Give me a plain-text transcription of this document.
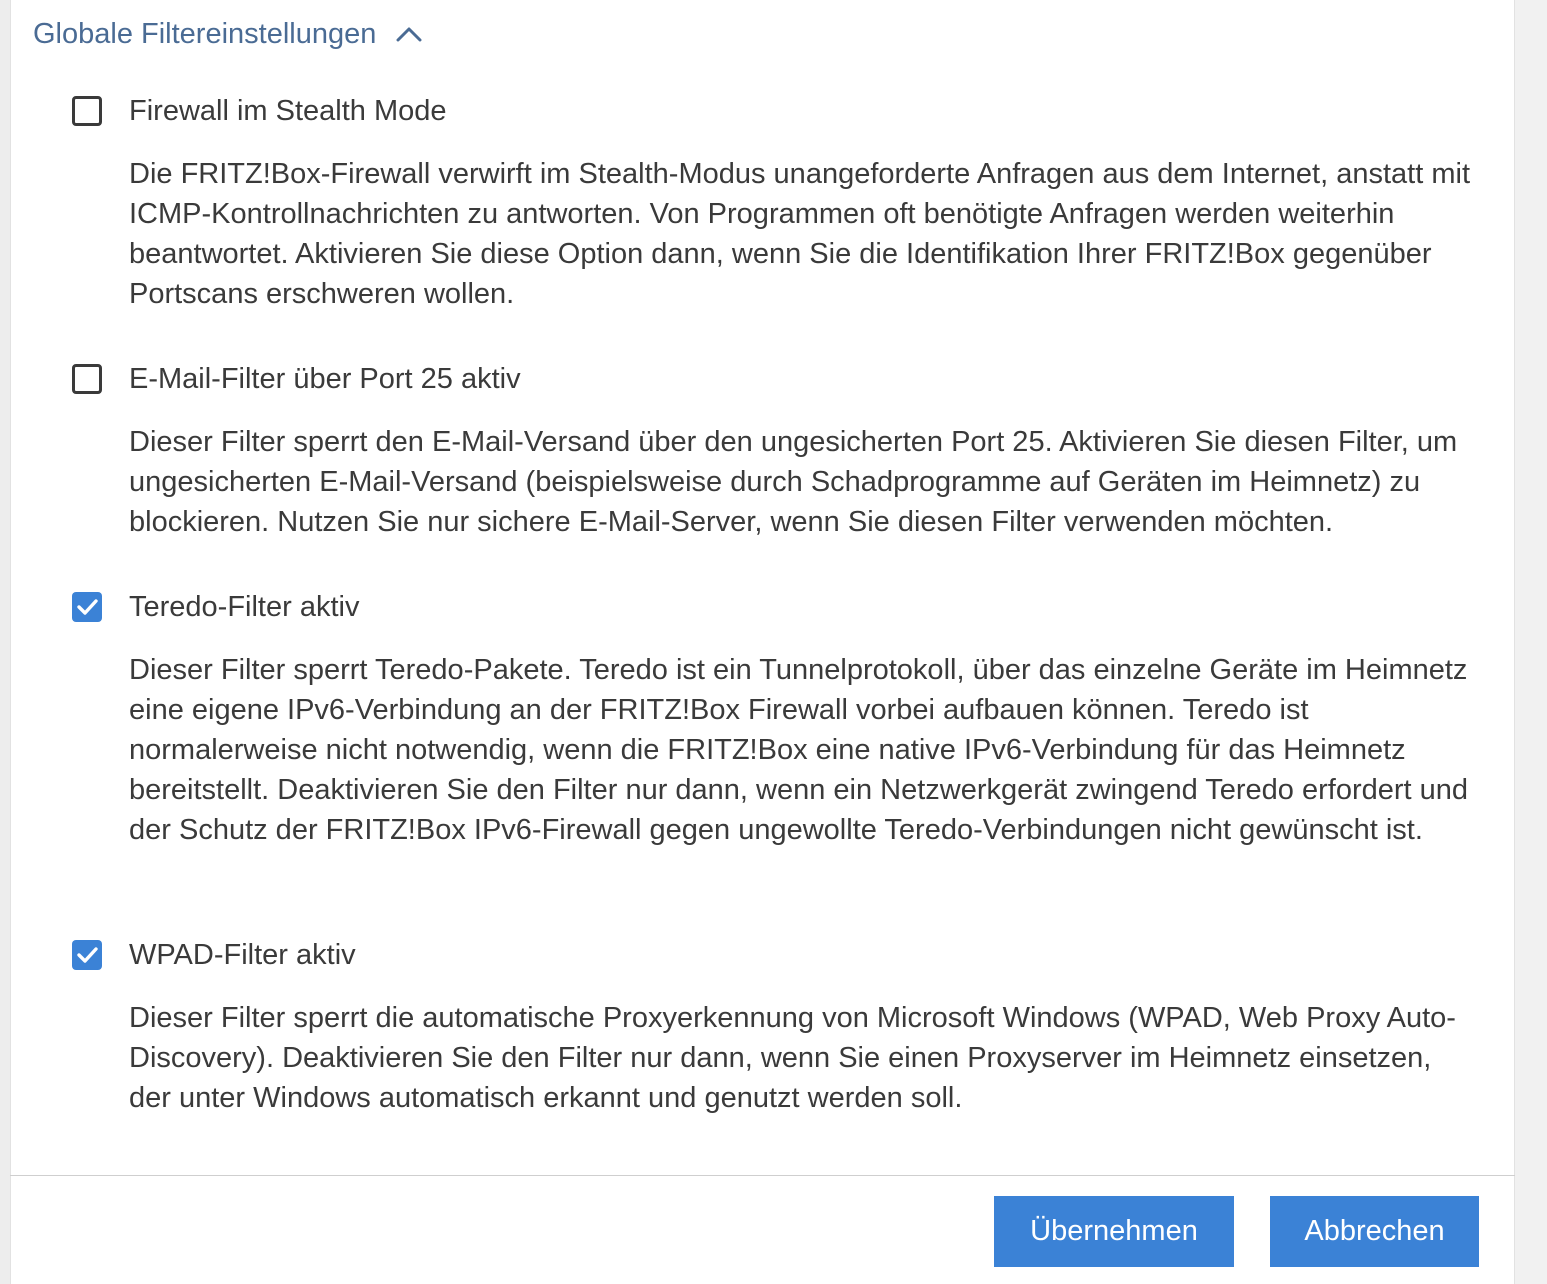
Globale Filtereinstellungen
Firewall im Stealth Mode
Die FRITZ!Box-Firewall verwirft im Stealth-Modus unangeforderte Anfragen aus dem Internet, anstatt mit ICMP-Kontrollnachrichten zu antworten. Von Programmen oft benötigte Anfragen werden weiterhin beantwortet. Aktivieren Sie diese Option dann, wenn Sie die Identifikation Ihrer FRITZ!Box gegenüber Portscans erschweren wollen.
E-Mail-Filter über Port 25 aktiv
Dieser Filter sperrt den E-Mail-Versand über den ungesicherten Port 25. Aktivieren Sie diesen Filter, um ungesicherten E-Mail-Versand (beispielsweise durch Schadprogramme auf Geräten im Heimnetz) zu blockieren. Nutzen Sie nur sichere E-Mail-Server, wenn Sie diesen Filter verwenden möchten.
Teredo-Filter aktiv
Dieser Filter sperrt Teredo-Pakete. Teredo ist ein Tunnelprotokoll, über das einzelne Geräte im Heimnetz eine eigene IPv6-Verbindung an der FRITZ!Box Firewall vorbei aufbauen können. Teredo ist normalerweise nicht notwendig, wenn die FRITZ!Box eine native IPv6-Verbindung für das Heimnetz bereitstellt. Deaktivieren Sie den Filter nur dann, wenn ein Netzwerkgerät zwingend Teredo erfordert und der Schutz der FRITZ!Box IPv6-Firewall gegen ungewollte Teredo-Verbindungen nicht gewünscht ist.
WPAD-Filter aktiv
Dieser Filter sperrt die automatische Proxyerkennung von Microsoft Windows (WPAD, Web Proxy Auto-Discovery). Deaktivieren Sie den Filter nur dann, wenn Sie einen Proxyserver im Heimnetz einsetzen, der unter Windows automatisch erkannt und genutzt werden soll.
Übernehmen	Abbrechen
